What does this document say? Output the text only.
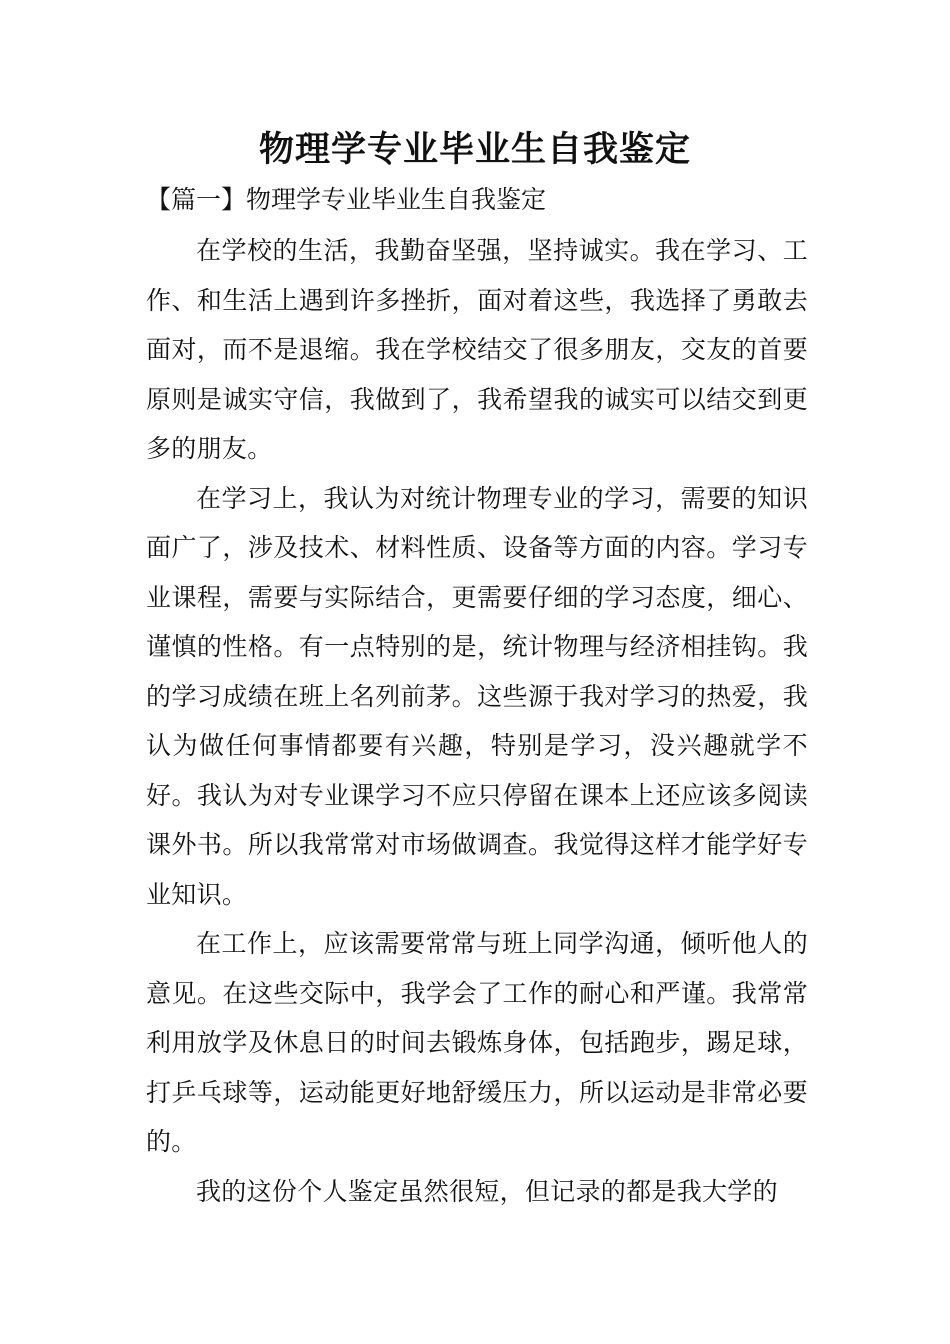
物理学专业毕业生自我鉴定
【篇一】物理学专业毕业生自我鉴定

在学校的生活，我勤奋坚强，坚持诚实。我在学习、工作、和生活上遇到许多挫折，面对着这些，我选择了勇敢去面对，而不是退缩。我在学校结交了很多朋友，交友的首要原则是诚实守信，我做到了，我希望我的诚实可以结交到更多的朋友。

在学习上，我认为对统计物理专业的学习，需要的知识面广了，涉及技术、材料性质、设备等方面的内容。学习专业课程，需要与实际结合，更需要仔细的学习态度，细心、谨慎的性格。有一点特别的是，统计物理与经济相挂钩。我的学习成绩在班上名列前茅。这些源于我对学习的热爱，我认为做任何事情都要有兴趣，特别是学习，没兴趣就学不好。我认为对专业课学习不应只停留在课本上还应该多阅读课外书。所以我常常对市场做调查。我觉得这样才能学好专业知识。

在工作上，应该需要常常与班上同学沟通，倾听他人的意见。在这些交际中，我学会了工作的耐心和严谨。我常常利用放学及休息日的时间去锻炼身体，包括跑步，踢足球，打乒乓球等，运动能更好地舒缓压力，所以运动是非常必要的。

我的这份个人鉴定虽然很短，但记录的都是我大学的
